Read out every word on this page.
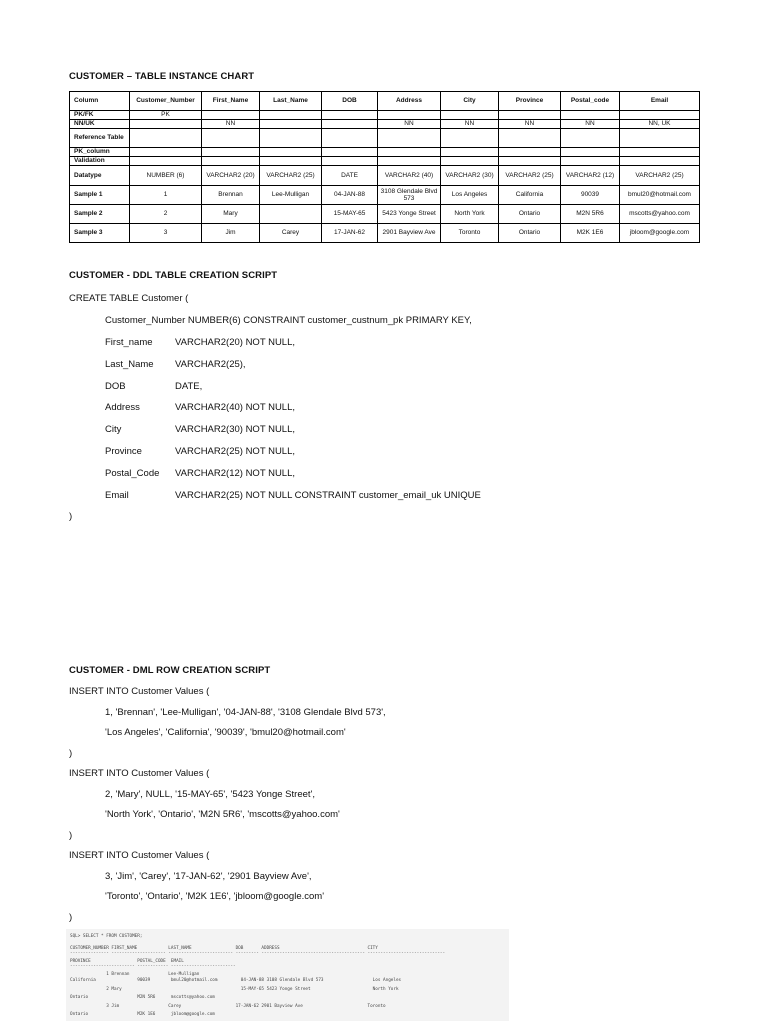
CUSTOMER – TABLE INSTANCE CHART
Column	Customer_Number	First_Name	Last_Name	DOB	Address	City	Province	Postal_code	Email
PK/FK	PK								
NN/UK		NN			NN	NN	NN	NN	NN, UK
Reference Table									
PK_column									
Validation									
Datatype	NUMBER (6)	VARCHAR2 (20)	VARCHAR2 (25)	DATE	VARCHAR2 (40)	VARCHAR2 (30)	VARCHAR2 (25)	VARCHAR2 (12)	VARCHAR2 (25)
Sample 1	1	Brennan	Lee-Mulligan	04-JAN-88	3108 Glendale Blvd 573	Los Angeles	California	90039	bmul20@hotmail.com
Sample 2	2	Mary		15-MAY-65	5423 Yonge Street	North York	Ontario	M2N 5R6	mscotts@yahoo.com
Sample 3	3	Jim	Carey	17-JAN-62	2901 Bayview Ave	Toronto	Ontario	M2K 1E6	jbloom@google.com
CUSTOMER - DDL TABLE CREATION SCRIPT
CREATE TABLE Customer (
Customer_Number NUMBER(6) CONSTRAINT customer_custnum_pk PRIMARY KEY,
First_name VARCHAR2(20) NOT NULL,
Last_Name VARCHAR2(25),
DOB	DATE,
Address	VARCHAR2(40) NOT NULL,
City	VARCHAR2(30) NOT NULL,
Province	VARCHAR2(25) NOT NULL,
Postal_Code VARCHAR2(12) NOT NULL,
Email	VARCHAR2(25) NOT NULL CONSTRAINT customer_email_uk UNIQUE
)
CUSTOMER - DML ROW CREATION SCRIPT
INSERT INTO Customer Values (
1, 'Brennan', 'Lee-Mulligan', '04-JAN-88', '3108 Glendale Blvd 573',
'Los Angeles', 'California', '90039', 'bmul20@hotmail.com'
)
INSERT INTO Customer Values (
2, 'Mary', NULL, '15-MAY-65', '5423 Yonge Street',
'North York', 'Ontario', 'M2N 5R6', 'mscotts@yahoo.com'
)
INSERT INTO Customer Values (
3, 'Jim', 'Carey', '17-JAN-62', '2901 Bayview Ave',
'Toronto', 'Ontario', 'M2K 1E6', 'jbloom@google.com'
)
SQL> SELECT * FROM CUSTOMER;
CUSTOMER_NUMBER FIRST_NAME            LAST_NAME                 DOB       ADDRESS                                  CITY
--------------- --------------------- ------------------------- --------- ---------------------------------------- ------------------------------
PROVINCE                  POSTAL_CODE  EMAIL
------------------------- ------------ -------------------------
1 Brennan               Lee-Mulligan
California                90039        bmul20@hotmail.com         04-JAN-88 3108 Glendale Blvd 573                   Los Angeles
2 Mary                                              15-MAY-65 5423 Yonge Street                        North York
Ontario                   M2N 5R6      mscotts@yahoo.com
3 Jim                   Carey                     17-JAN-62 2901 Bayview Ave                         Toronto
Ontario                   M2K 1E6      jbloom@google.com
